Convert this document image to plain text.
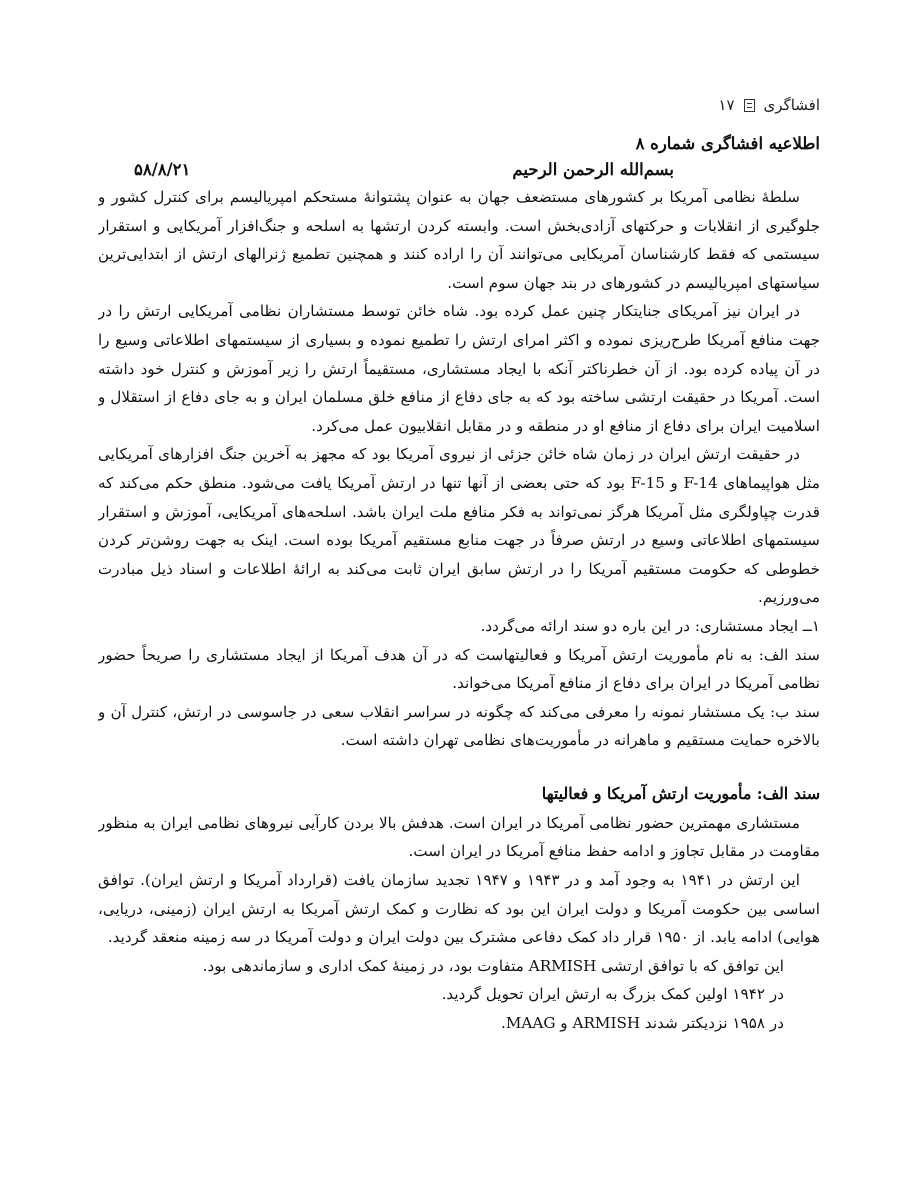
افشاگری
۱۷
اطلاعیه افشاگری شماره ۸
بسم‌الله الرحمن الرحیم
۵۸/۸/۲۱

سلطهٔ نظامی آمریکا بر کشورهای مستضعف جهان به عنوان پشتوانهٔ مستحکم امپریالیسم برای کنترل کشور و جلوگیری از انقلابات و حرکتهای آزادی‌بخش است. وابسته کردن ارتشها به اسلحه و جنگ‌افزار آمریکایی و استقرار سیستمی که فقط کارشناسان آمریکایی می‌توانند آن را اراده کنند و همچنین تطمیع ژنرالهای ارتش از ابتدایی‌ترین سیاستهای امپریالیسم در کشورهای در بند جهان سوم است.

در ایران نیز آمریکای جنایتکار چنین عمل کرده بود. شاه خائن توسط مستشاران نظامی آمریکایی ارتش را در جهت منافع آمریکا طرح‌ریزی نموده و اکثر امرای ارتش را تطمیع نموده و بسیاری از سیستمهای اطلاعاتی وسیع را در آن پیاده کرده بود. از آن خطرناکتر آنکه با ایجاد مستشاری، مستقیماً ارتش را زیر آموزش و کنترل خود داشته است. آمریکا در حقیقت ارتشی ساخته بود که به جای دفاع از منافع خلق مسلمان ایران و به جای دفاع از استقلال و اسلامیت ایران برای دفاع از منافع او در منطقه و در مقابل انقلابیون عمل می‌کرد.

در حقیقت ارتش ایران در زمان شاه خائن جزئی از نیروی آمریکا بود که مجهز به آخرین جنگ افزارهای آمریکایی مثل هواپیماهای F-14 و F-15 بود که حتی بعضی از آنها تنها در ارتش آمریکا یافت می‌شود. منطق حکم می‌کند که قدرت چپاولگری مثل آمریکا هرگز نمی‌تواند به فکر منافع ملت ایران باشد. اسلحه‌های آمریکایی، آموزش و استقرار سیستمهای اطلاعاتی وسیع در ارتش صرفاً در جهت منابع مستقیم آمریکا بوده است. اینک به جهت روشن‌تر کردن خطوطی که حکومت مستقیم آمریکا را در ارتش سابق ایران ثابت می‌کند به ارائهٔ اطلاعات و اسناد ذیل مبادرت می‌ورزیم.

۱ــ ایجاد مستشاری: در این باره دو سند ارائه می‌گردد.

سند الف: به نام مأموریت ارتش آمریکا و فعالیتهاست که در آن هدف آمریکا از ایجاد مستشاری را صریحاً حضور نظامی آمریکا در ایران برای دفاع از منافع آمریکا می‌خواند.

سند ب: یک مستشار نمونه را معرفی می‌کند که چگونه در سراسر انقلاب سعی در جاسوسی در ارتش، کنترل آن و بالاخره حمایت مستقیم و ماهرانه در مأموریت‌های نظامی تهران داشته است.

سند الف: مأموریت ارتش آمریکا و فعالیتها

مستشاری مهمترین حضور نظامی آمریکا در ایران است. هدفش بالا بردن کارآیی نیروهای نظامی ایران به منظور مقاومت در مقابل تجاوز و ادامه حفظ منافع آمریکا در ایران است.

این ارتش در ۱۹۴۱ به وجود آمد و در ۱۹۴۳ و ۱۹۴۷ تجدید سازمان یافت (قرارداد آمریکا و ارتش ایران). توافق اساسی بین حکومت آمریکا و دولت ایران این بود که نظارت و کمک ارتش آمریکا به ارتش ایران (زمینی، دریایی، هوایی) ادامه یابد. از ۱۹۵۰ قرار داد کمک دفاعی مشترک بین دولت ایران و دولت آمریکا در سه زمینه منعقد گردید.

این توافق که با توافق ارتشی ARMISH متفاوت بود، در زمینهٔ کمک اداری و سازماندهی بود.

در ۱۹۴۲ اولین کمک بزرگ به ارتش ایران تحویل گردید.

در ۱۹۵۸ نزدیکتر شدند ARMISH و MAAG.
